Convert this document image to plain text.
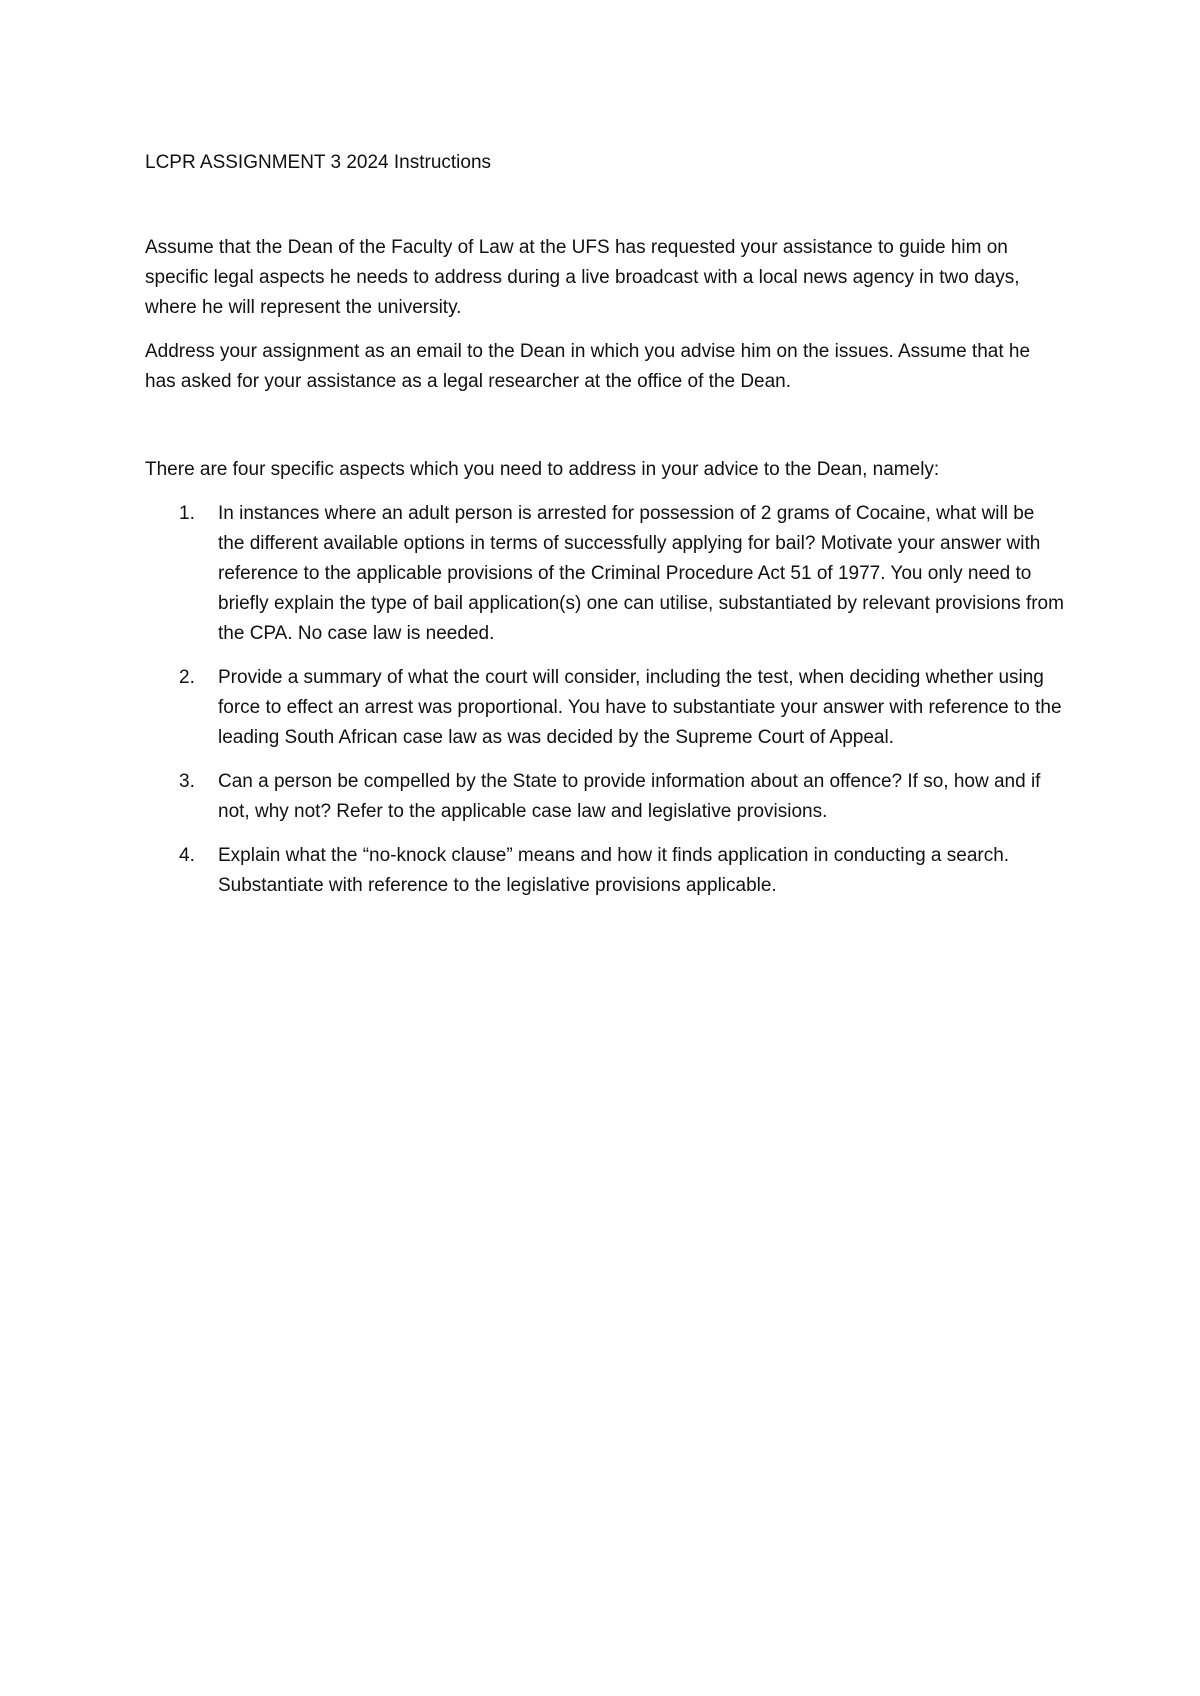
LCPR ASSIGNMENT 3 2024 Instructions

Assume that the Dean of the Faculty of Law at the UFS has requested your assistance to guide him on specific legal aspects he needs to address during a live broadcast with a local news agency in two days, where he will represent the university.

Address your assignment as an email to the Dean in which you advise him on the issues. Assume that he has asked for your assistance as a legal researcher at the office of the Dean.

There are four specific aspects which you need to address in your advice to the Dean, namely:

1. In instances where an adult person is arrested for possession of 2 grams of Cocaine, what will be the different available options in terms of successfully applying for bail? Motivate your answer with reference to the applicable provisions of the Criminal Procedure Act 51 of 1977. You only need to briefly explain the type of bail application(s) one can utilise, substantiated by relevant provisions from the CPA. No case law is needed.
2. Provide a summary of what the court will consider, including the test, when deciding whether using force to effect an arrest was proportional. You have to substantiate your answer with reference to the leading South African case law as was decided by the Supreme Court of Appeal.
3. Can a person be compelled by the State to provide information about an offence? If so, how and if not, why not? Refer to the applicable case law and legislative provisions.
4. Explain what the “no-knock clause” means and how it finds application in conducting a search. Substantiate with reference to the legislative provisions applicable.
